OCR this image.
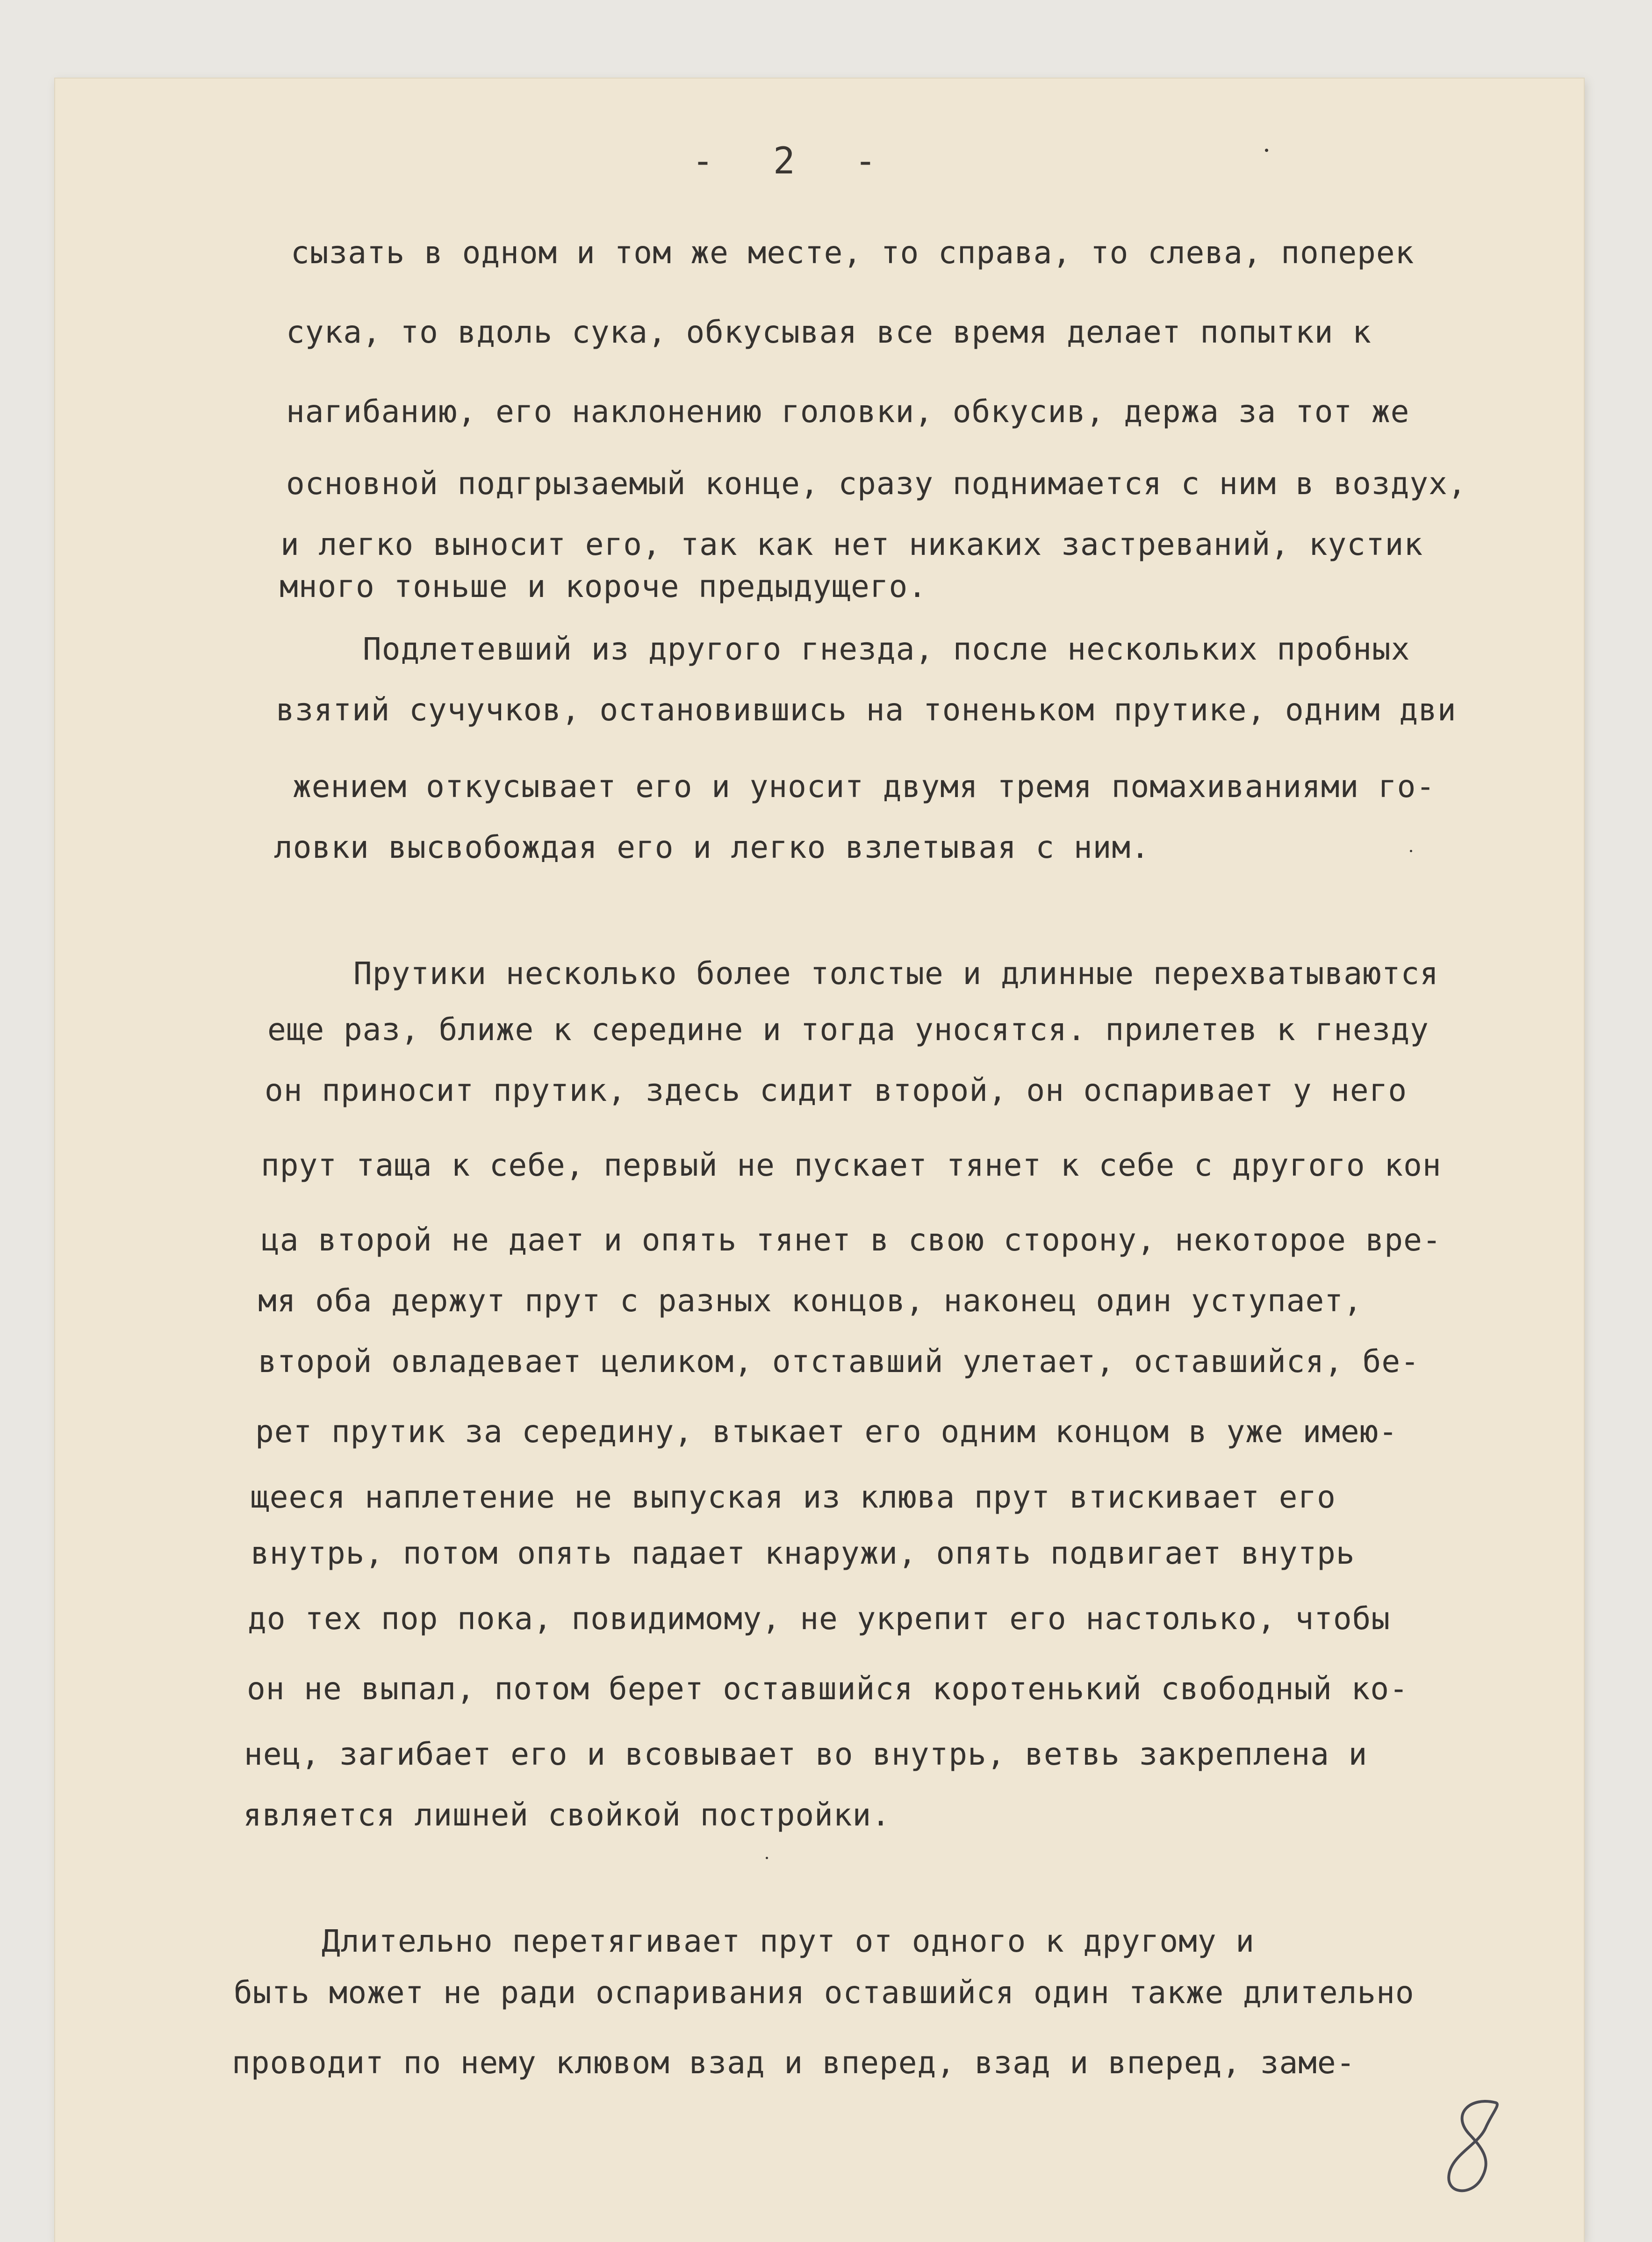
- 2 -
сызать в одном и том же месте, то справа, то слева, поперек
сука, то вдоль сука, обкусывая все время делает попытки к
нагибанию, его наклонению головки, обкусив, держа за тот же
основной подгрызаемый конце, сразу поднимается с ним в воздух,
и легко выносит его, так как нет никаких застреваний, кустик
много тоньше и короче предыдущего.
Подлетевший из другого гнезда, после нескольких пробных
взятий сучучков, остановившись на тоненьком прутике, одним дви
жением откусывает его и уносит двумя тремя помахиваниями го-
ловки высвобождая его и легко взлетывая с ним.
Прутики несколько более толстые и длинные перехватываются
еще раз, ближе к середине и тогда уносятся. прилетев к гнезду
он приносит прутик, здесь сидит второй, он оспаривает у него
прут таща к себе, первый не пускает тянет к себе с другого кон
ца второй не дает и опять тянет в свою сторону, некоторое вре-
мя оба держут прут с разных концов, наконец один уступает,
второй овладевает целиком, отставший улетает, оставшийся, бе-
рет прутик за середину, втыкает его одним концом в уже имею-
щееся наплетение не выпуская из клюва прут втискивает его
внутрь, потом опять падает кнаружи, опять подвигает внутрь
до тех пор пока, повидимому, не укрепит его настолько, чтобы
он не выпал, потом берет оставшийся коротенький свободный ко-
нец, загибает его и всовывает во внутрь, ветвь закреплена и
является лишней свойкой постройки.
Длительно перетягивает прут от одного к другому и
быть может не ради оспаривания оставшийся один также длительно
проводит по нему клювом взад и вперед, взад и вперед, заме-
